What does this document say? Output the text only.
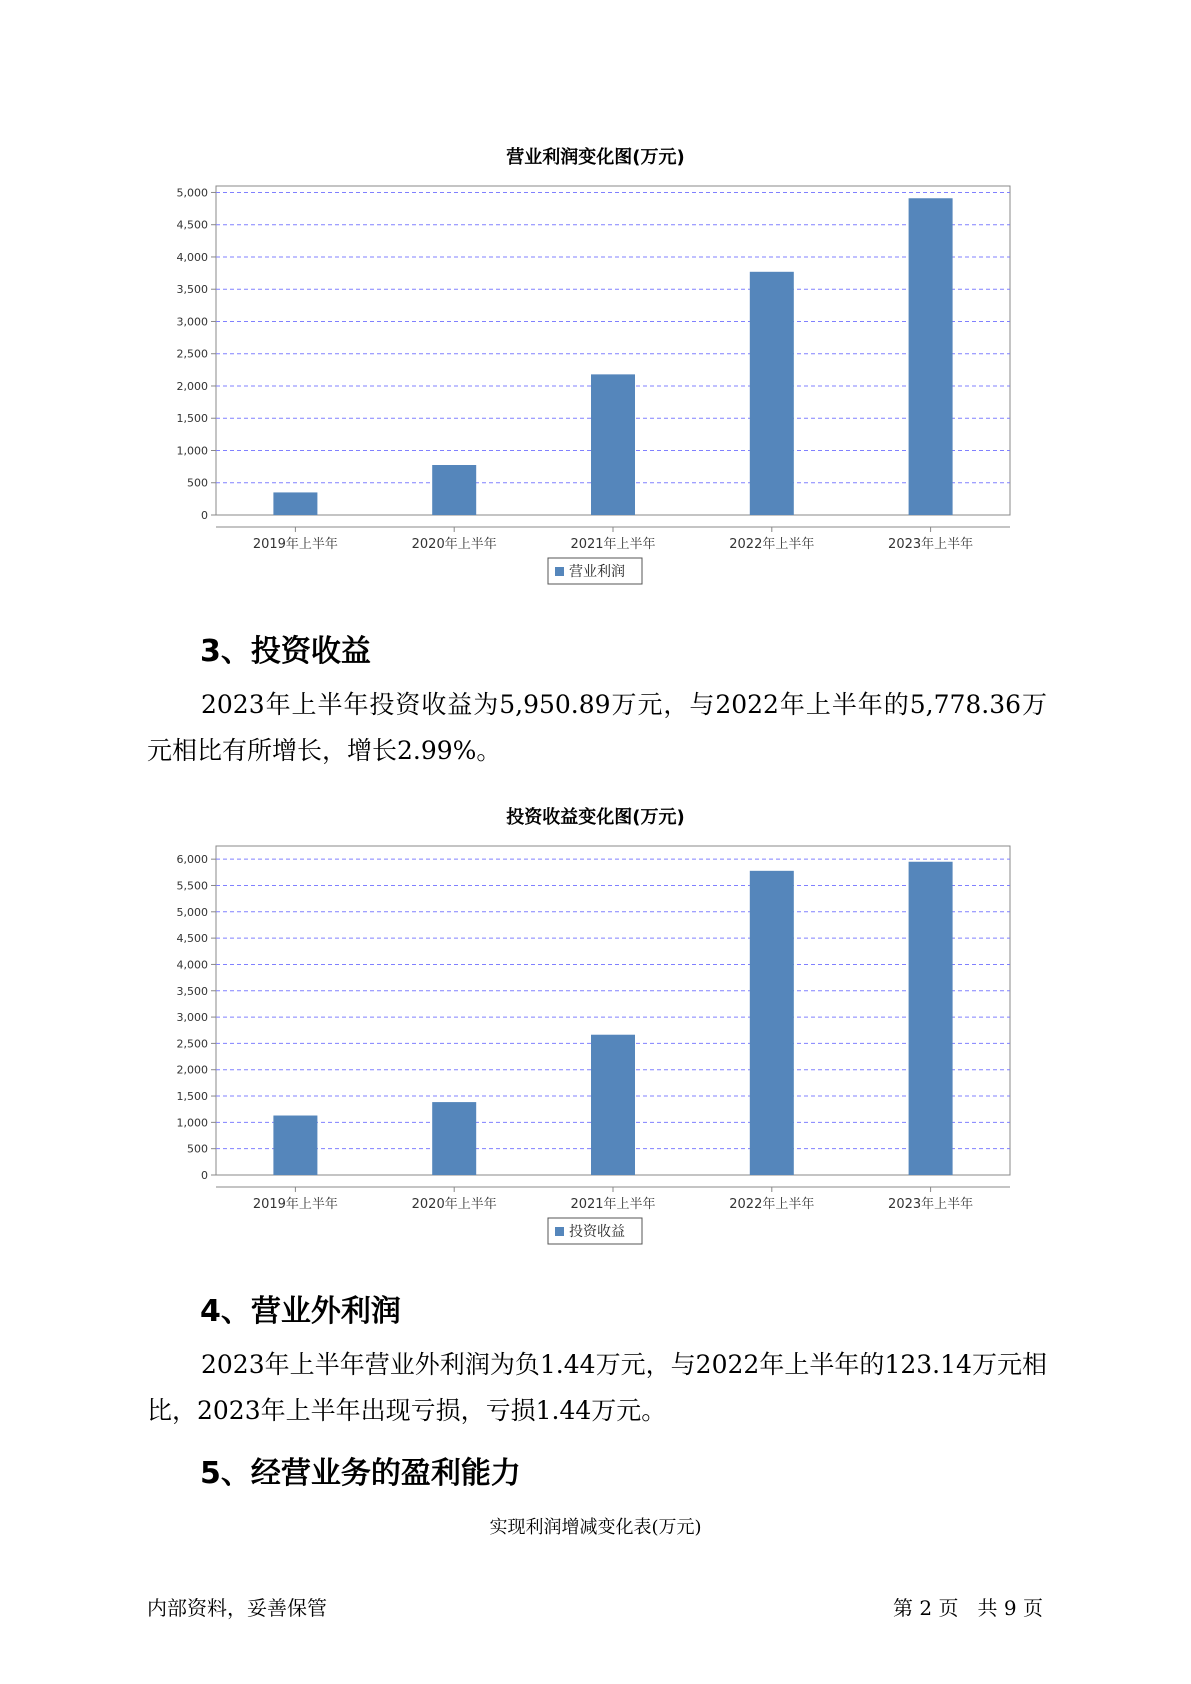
营业利润变化图(万元)
0
500
1,000
1,500
2,000
2,500
3,000
3,500
4,000
4,500
5,000
2019年上半年	2020年上半年	2021年上半年	2022年上半年	2023年上半年
营业利润
3、投资收益
2023年上半年投资收益为5,950.89万元，与2022年上半年的5,778.36万元相比有所增长，增长2.99%。
投资收益变化图(万元)
0
500
1,000
1,500
2,000
2,500
3,000
3,500
4,000
4,500
5,000
5,500
6,000
2019年上半年	2020年上半年	2021年上半年	2022年上半年	2023年上半年
投资收益
4、营业外利润
2023年上半年营业外利润为负1.44万元，与2022年上半年的123.14万元相比，2023年上半年出现亏损，亏损1.44万元。
5、经营业务的盈利能力
实现利润增减变化表(万元)
内部资料，妥善保管	第 2 页   共 9 页
